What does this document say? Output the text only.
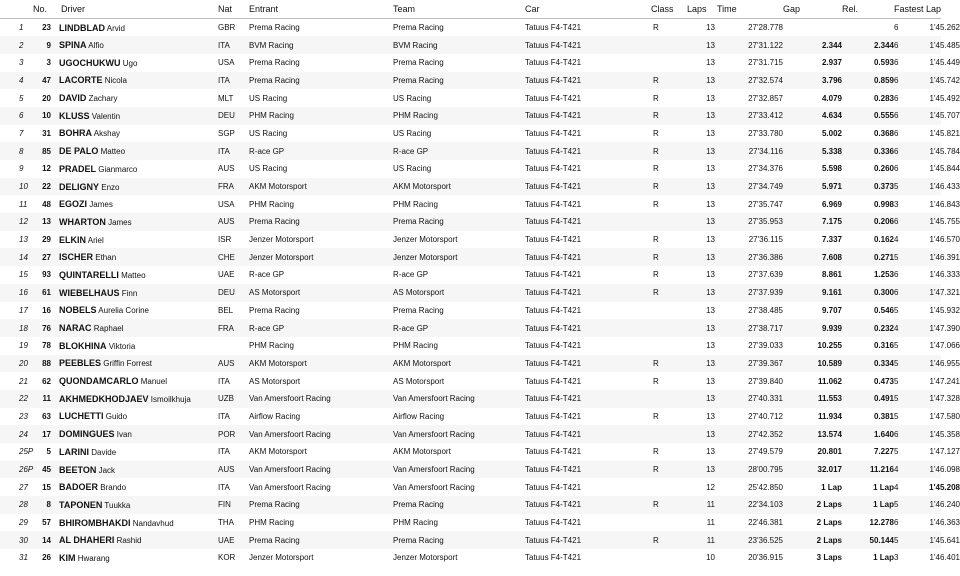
	No.	Driver	Nat	Entrant	Team	Car	Class	Laps	Time	Gap	Rel.	Fastest Lap
1	23	LINDBLAD Arvid	GBR	Prema Racing	Prema Racing	Tatuus F4-T421	R	13	27'28.778			6 1'45.262
2	9	SPINA Alfio	ITA	BVM Racing	BVM Racing	Tatuus F4-T421		13	27'31.122	2.344	2.344	6 1'45.485
3	3	UGOCHUKWU Ugo	USA	Prema Racing	Prema Racing	Tatuus F4-T421		13	27'31.715	2.937	0.593	6 1'45.449
4	47	LACORTE Nicola	ITA	Prema Racing	Prema Racing	Tatuus F4-T421	R	13	27'32.574	3.796	0.859	6 1'45.742
5	20	DAVID Zachary	MLT	US Racing	US Racing	Tatuus F4-T421	R	13	27'32.857	4.079	0.283	6 1'45.492
6	10	KLUSS Valentin	DEU	PHM Racing	PHM Racing	Tatuus F4-T421	R	13	27'33.412	4.634	0.555	6 1'45.707
7	31	BOHRA Akshay	SGP	US Racing	US Racing	Tatuus F4-T421	R	13	27'33.780	5.002	0.368	6 1'45.821
8	85	DE PALO Matteo	ITA	R-ace GP	R-ace GP	Tatuus F4-T421	R	13	27'34.116	5.338	0.336	6 1'45.784
9	12	PRADEL Gianmarco	AUS	US Racing	US Racing	Tatuus F4-T421	R	13	27'34.376	5.598	0.260	6 1'45.844
10	22	DELIGNY Enzo	FRA	AKM Motorsport	AKM Motorsport	Tatuus F4-T421	R	13	27'34.749	5.971	0.373	5 1'46.433
11	48	EGOZI James	USA	PHM Racing	PHM Racing	Tatuus F4-T421	R	13	27'35.747	6.969	0.998	3 1'46.843
12	13	WHARTON James	AUS	Prema Racing	Prema Racing	Tatuus F4-T421		13	27'35.953	7.175	0.206	6 1'45.755
13	29	ELKIN Ariel	ISR	Jenzer Motorsport	Jenzer Motorsport	Tatuus F4-T421	R	13	27'36.115	7.337	0.162	4 1'46.570
14	27	ISCHER Ethan	CHE	Jenzer Motorsport	Jenzer Motorsport	Tatuus F4-T421	R	13	27'36.386	7.608	0.271	5 1'46.391
15	93	QUINTARELLI Matteo	UAE	R-ace GP	R-ace GP	Tatuus F4-T421	R	13	27'37.639	8.861	1.253	6 1'46.333
16	61	WIEBELHAUS Finn	DEU	AS Motorsport	AS Motorsport	Tatuus F4-T421	R	13	27'37.939	9.161	0.300	6 1'47.321
17	16	NOBELS Aurelia Corine	BEL	Prema Racing	Prema Racing	Tatuus F4-T421		13	27'38.485	9.707	0.546	5 1'45.932
18	76	NARAC Raphael	FRA	R-ace GP	R-ace GP	Tatuus F4-T421		13	27'38.717	9.939	0.232	4 1'47.390
19	78	BLOKHINA Viktoria		PHM Racing	PHM Racing	Tatuus F4-T421		13	27'39.033	10.255	0.316	5 1'47.066
20	88	PEEBLES Griffin Forrest	AUS	AKM Motorsport	AKM Motorsport	Tatuus F4-T421	R	13	27'39.367	10.589	0.334	5 1'46.955
21	62	QUONDAMCARLO Manuel	ITA	AS Motorsport	AS Motorsport	Tatuus F4-T421	R	13	27'39.840	11.062	0.473	5 1'47.241
22	11	AKHMEDKHODJAEV Ismoilkhuja	UZB	Van Amersfoort Racing	Van Amersfoort Racing	Tatuus F4-T421		13	27'40.331	11.553	0.491	5 1'47.328
23	63	LUCHETTI Guido	ITA	Airflow Racing	Airflow Racing	Tatuus F4-T421	R	13	27'40.712	11.934	0.381	5 1'47.580
24	17	DOMINGUES Ivan	POR	Van Amersfoort Racing	Van Amersfoort Racing	Tatuus F4-T421		13	27'42.352	13.574	1.640	6 1'45.358
25P	5	LARINI Davide	ITA	AKM Motorsport	AKM Motorsport	Tatuus F4-T421	R	13	27'49.579	20.801	7.227	5 1'47.127
26P	45	BEETON Jack	AUS	Van Amersfoort Racing	Van Amersfoort Racing	Tatuus F4-T421	R	13	28'00.795	32.017	11.216	4 1'46.098
27	15	BADOER Brando	ITA	Van Amersfoort Racing	Van Amersfoort Racing	Tatuus F4-T421		12	25'42.850	1 Lap	1 Lap	4 1'45.208
28	8	TAPONEN Tuukka	FIN	Prema Racing	Prema Racing	Tatuus F4-T421	R	11	22'34.103	2 Laps	1 Lap	5 1'46.240
29	57	BHIROMBHAKDI Nandavhud	THA	PHM Racing	PHM Racing	Tatuus F4-T421		11	22'46.381	2 Laps	12.278	6 1'46.363
30	14	AL DHAHERI Rashid	UAE	Prema Racing	Prema Racing	Tatuus F4-T421	R	11	23'36.525	2 Laps	50.144	5 1'45.641
31	26	KIM Hwarang	KOR	Jenzer Motorsport	Jenzer Motorsport	Tatuus F4-T421		10	20'36.915	3 Laps	1 Lap	3 1'46.401
